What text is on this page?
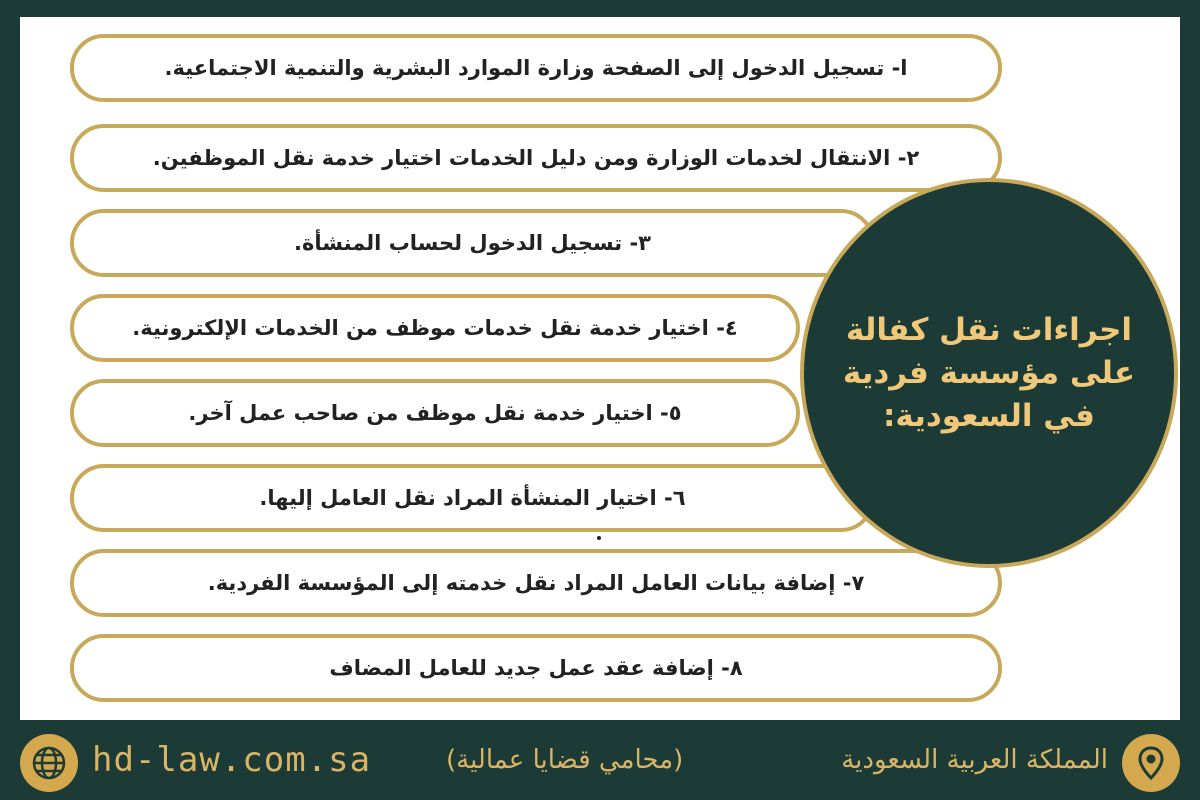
ا- تسجيل الدخول إلى الصفحة وزارة الموارد البشرية والتنمية الاجتماعية.
٢- الانتقال لخدمات الوزارة ومن دليل الخدمات اختيار خدمة نقل الموظفين.
٣- تسجيل الدخول لحساب المنشأة.
٤- اختيار خدمة نقل خدمات موظف من الخدمات الإلكترونية.
٥- اختيار خدمة نقل موظف من صاحب عمل آخر.
٦- اختيار المنشأة المراد نقل العامل إليها.
٧- إضافة بيانات العامل المراد نقل خدمته إلى المؤسسة الفردية.
٨- إضافة عقد عمل جديد للعامل المضاف
اجراءات نقل كفالة على مؤسسة فردية في السعودية:
hd-law.com.sa	(محامي قضايا عمالية)	المملكة العربية السعودية
